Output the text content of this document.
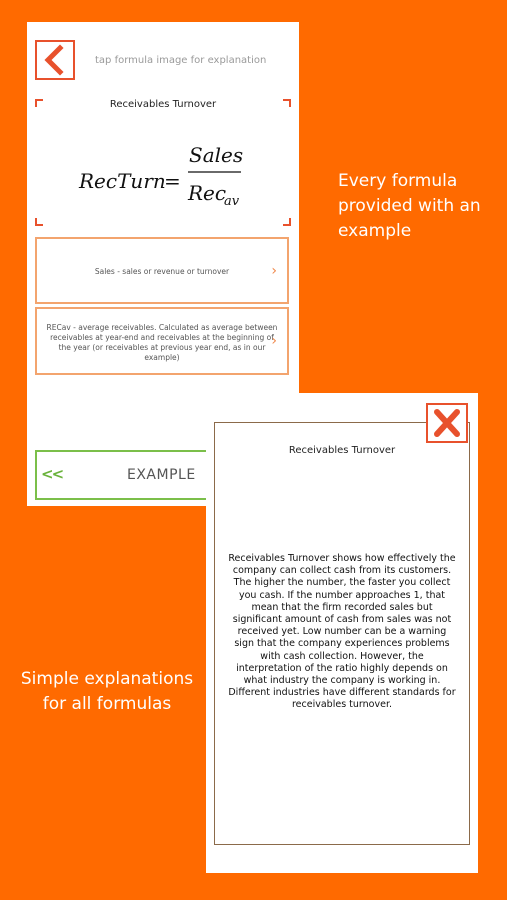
tap formula image for explanation
Receivables Turnover
RecTurn
=
Sales
Rec
av
Sales - sales or revenue or turnover	›
RECav - average receivables. Calculated as average between receivables at year-end and receivables at the beginning of the year (or receivables at previous year end, as in our example)
›
<<	EXAMPLE
Every formula provided with an example
Simple explanations for all formulas
Receivables Turnover
Receivables Turnover shows how effectively the company can collect cash from its customers. The higher the number, the faster you collect you cash. If the number approaches 1, that mean that the firm recorded sales but significant amount of cash from sales was not received yet. Low number can be a warning sign that the company experiences problems with cash collection. However, the interpretation of the ratio highly depends on what industry the company is working in. Different industries have different standards for receivables turnover.
